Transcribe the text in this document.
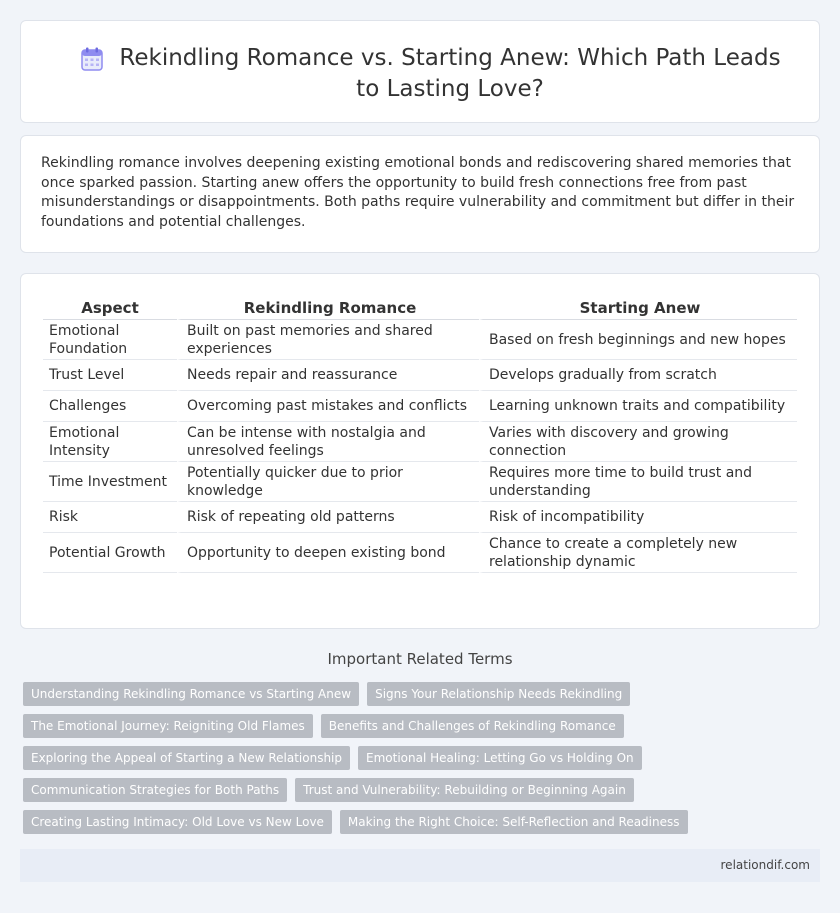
Rekindling Romance vs. Starting Anew: Which Path Leads to Lasting Love?

Rekindling romance involves deepening existing emotional bonds and rediscovering shared memories that once sparked passion. Starting anew offers the opportunity to build fresh connections free from past misunderstandings or disappointments. Both paths require vulnerability and commitment but differ in their foundations and potential challenges.

Aspect	Rekindling Romance	Starting Anew
Emotional Foundation	Built on past memories and shared experiences	Based on fresh beginnings and new hopes
Trust Level	Needs repair and reassurance	Develops gradually from scratch
Challenges	Overcoming past mistakes and conflicts	Learning unknown traits and compatibility
Emotional Intensity	Can be intense with nostalgia and unresolved feelings	Varies with discovery and growing connection
Time Investment	Potentially quicker due to prior knowledge	Requires more time to build trust and understanding
Risk	Risk of repeating old patterns	Risk of incompatibility
Potential Growth	Opportunity to deepen existing bond	Chance to create a completely new relationship dynamic
Important Related Terms
Understanding Rekindling Romance vs Starting Anew	Signs Your Relationship Needs Rekindling
The Emotional Journey: Reigniting Old Flames	Benefits and Challenges of Rekindling Romance
Exploring the Appeal of Starting a New Relationship	Emotional Healing: Letting Go vs Holding On
Communication Strategies for Both Paths	Trust and Vulnerability: Rebuilding or Beginning Again
Creating Lasting Intimacy: Old Love vs New Love	Making the Right Choice: Self-Reflection and Readiness
relationdif.com
